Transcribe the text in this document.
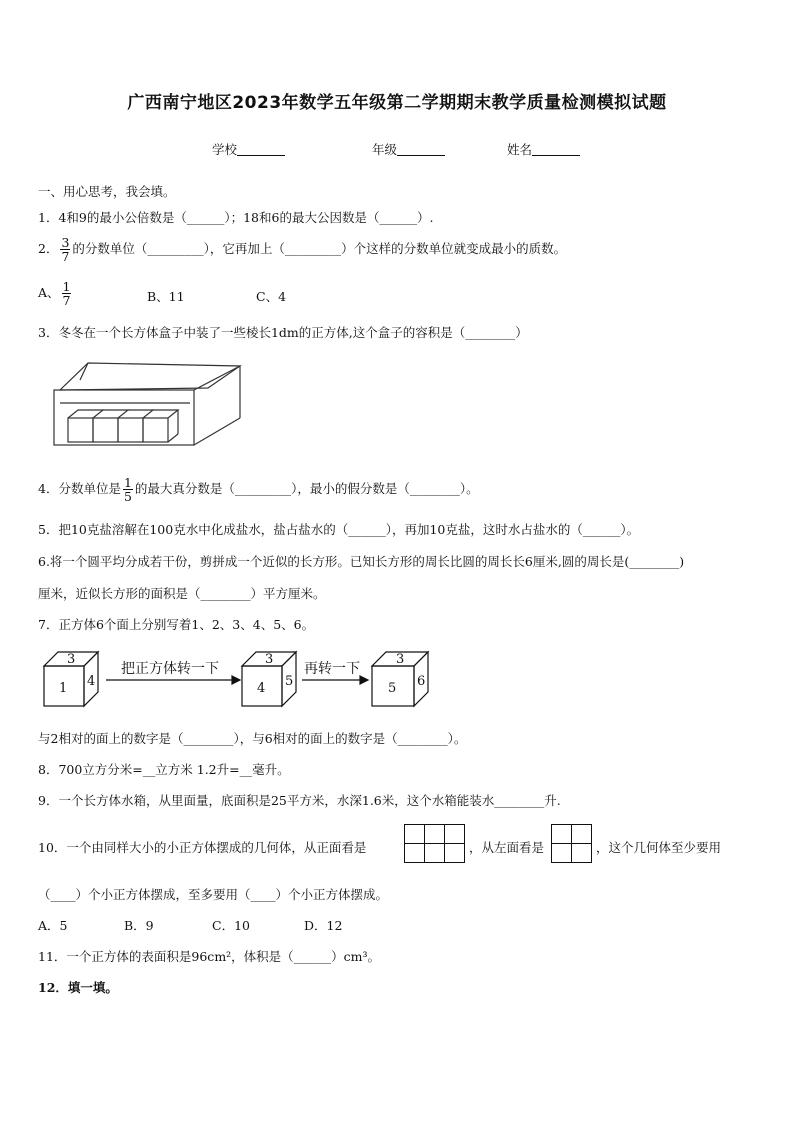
广西南宁地区2023年数学五年级第二学期期末教学质量检测模拟试题
学校	年级	姓名
一、用心思考，我会填。
1．4和9的最小公倍数是（______）；18和6的最大公因数是（______）.
2． $\frac{3}{7}$ 的分数单位（_________），它再加上（_________）个这样的分数单位就变成最小的质数。
A、 $\frac{1}{7}$	B、11	C、4
3．冬冬在一个长方体盒子中装了一些棱长1dm的正方体,这个盒子的容积是（________）
4．分数单位是 $\frac{1}{5}$ 的最大真分数是（_________），最小的假分数是（________）。
5．把10克盐溶解在100克水中化成盐水，盐占盐水的（______），再加10克盐，这时水占盐水的（______）。
6.将一个圆平均分成若干份，剪拼成一个近似的长方形。已知长方形的周长比圆的周长长6厘米,圆的周长是(________)
厘米，近似长方形的面积是（________）平方厘米。
7．正方体6个面上分别写着1、2、3、4、5、6。
3
1 4
把正方体转一下
3
4 5
再转一下
3
5 6
与2相对的面上的数字是（________），与6相对的面上的数字是（________）。
8．700立方分米=__立方米 1.2升=__毫升。
9．一个长方体水箱，从里面量，底面积是25平方米，水深1.6米，这个水箱能装水________升.
10．一个由同样大小的小正方体摆成的几何体，从正面看是	，从左面看是	，这个几何体至少要用
（____）个小正方体摆成，至多要用（____）个小正方体摆成。
A．5	B．9	C．10	D．12
11．一个正方体的表面积是96cm²，体积是（______）cm³。
12．填一填。
